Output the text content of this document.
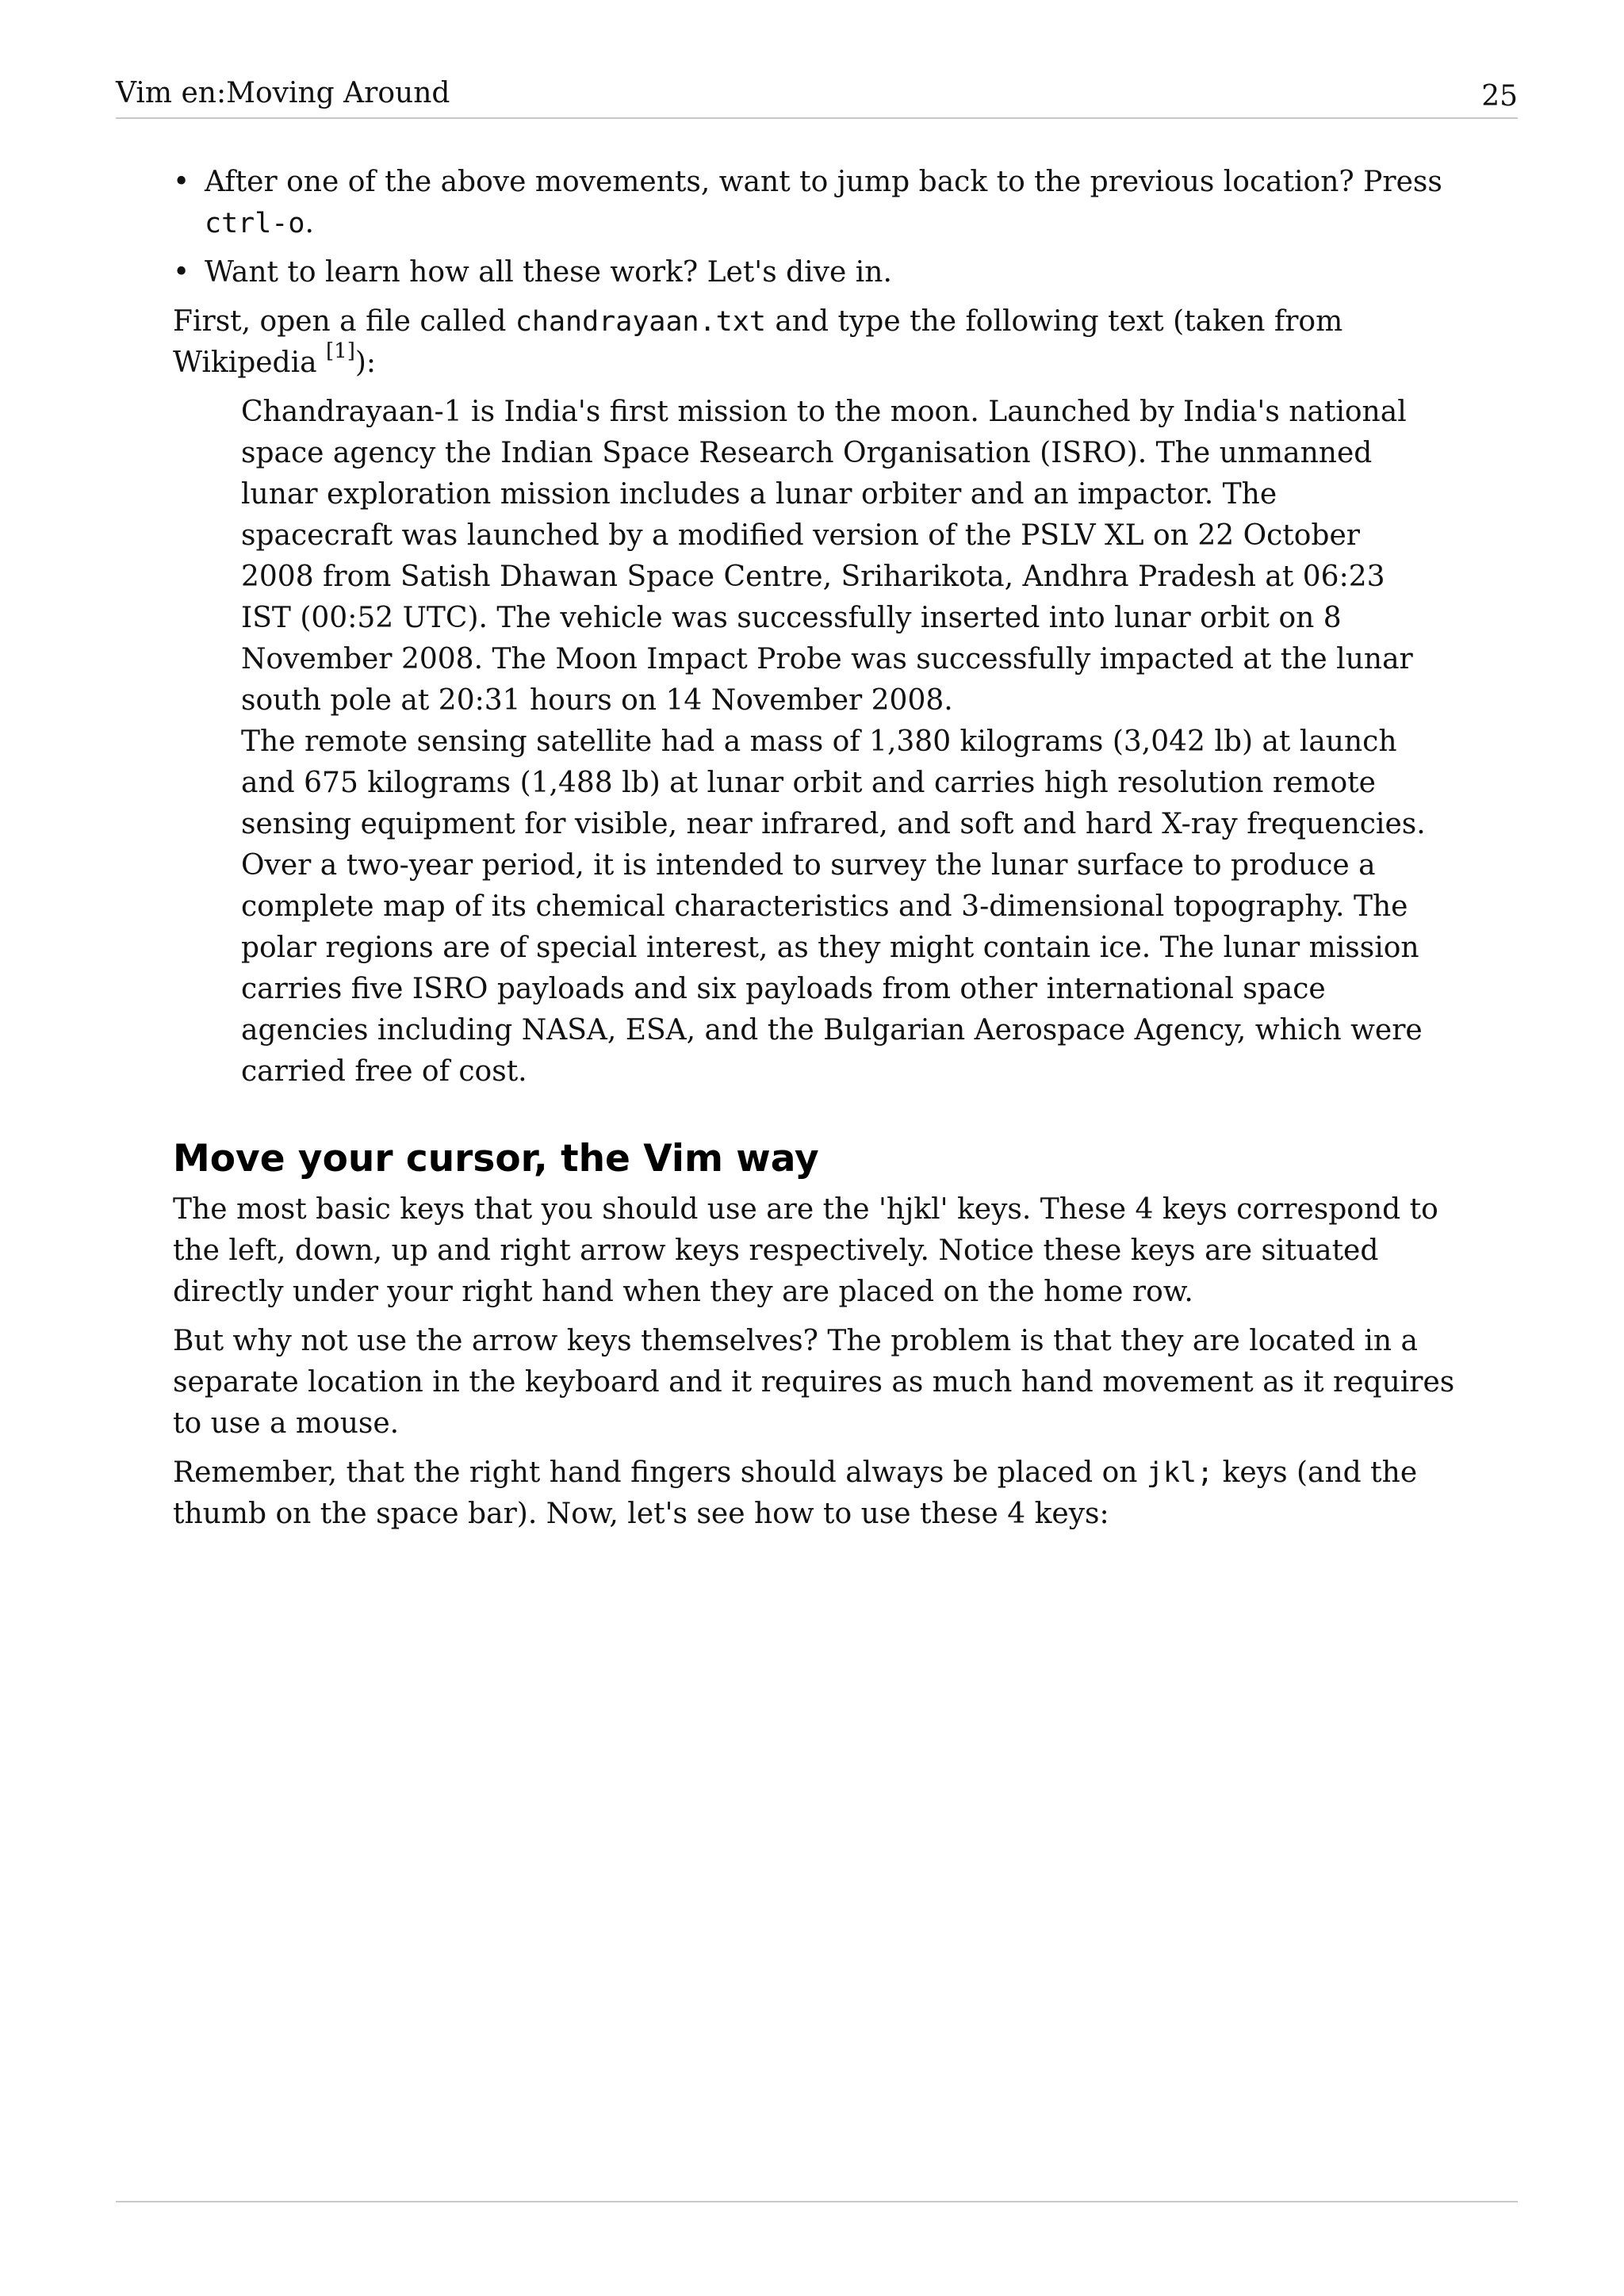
Vim en:Moving Around	25
• After one of the above movements, want to jump back to the previous location? Press ctrl-o.
• Want to learn how all these work? Let's dive in.

First, open a file called chandrayaan.txt and type the following text (taken from Wikipedia [1]):

Chandrayaan-1 is India's first mission to the moon. Launched by India's national space agency the Indian Space Research Organisation (ISRO). The unmanned lunar exploration mission includes a lunar orbiter and an impactor. The spacecraft was launched by a modified version of the PSLV XL on 22 October 2008 from Satish Dhawan Space Centre, Sriharikota, Andhra Pradesh at 06:23 IST (00:52 UTC). The vehicle was successfully inserted into lunar orbit on 8 November 2008. The Moon Impact Probe was successfully impacted at the lunar south pole at 20:31 hours on 14 November 2008.

The remote sensing satellite had a mass of 1,380 kilograms (3,042 lb) at launch and 675 kilograms (1,488 lb) at lunar orbit and carries high resolution remote sensing equipment for visible, near infrared, and soft and hard X-ray frequencies. Over a two-year period, it is intended to survey the lunar surface to produce a complete map of its chemical characteristics and 3-dimensional topography. The polar regions are of special interest, as they might contain ice. The lunar mission carries five ISRO payloads and six payloads from other international space agencies including NASA, ESA, and the Bulgarian Aerospace Agency, which were carried free of cost.

Move your cursor, the Vim way

The most basic keys that you should use are the 'hjkl' keys. These 4 keys correspond to the left, down, up and right arrow keys respectively. Notice these keys are situated directly under your right hand when they are placed on the home row.

But why not use the arrow keys themselves? The problem is that they are located in a separate location in the keyboard and it requires as much hand movement as it requires to use a mouse.

Remember, that the right hand fingers should always be placed on jkl; keys (and the thumb on the space bar). Now, let's see how to use these 4 keys:
